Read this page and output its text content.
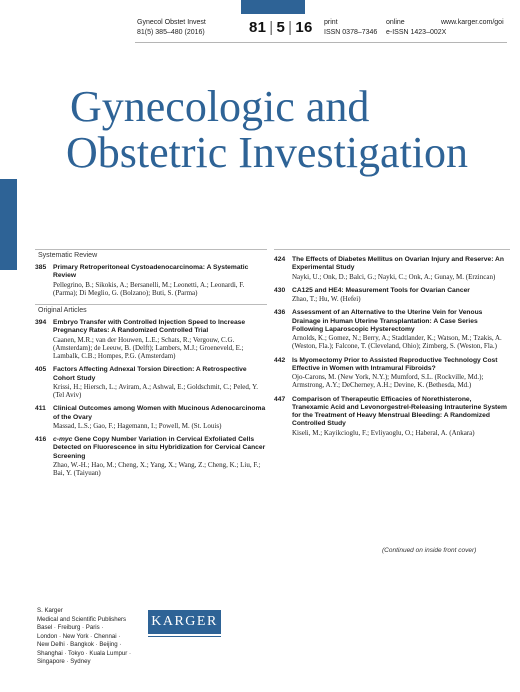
Gynecol Obstet Invest
81(5) 385–480 (2016)	81 | 5 | 16 print
ISSN 0378–7346
online
e-ISSN 1423–002X
www.karger.com/goi
Gynecologic and
Obstetric Investigation
Systematic Review
385 Primary Retroperitoneal Cystoadenocarcinoma: A Systematic Review
Pellegrino, B.; Sikokis, A.; Bersanelli, M.; Leonetti, A.; Leonardi, F. (Parma); Di Meglio, G. (Bolzano); Buti, S. (Parma)
Original Articles
394 Embryo Transfer with Controlled Injection Speed to Increase Pregnancy Rates: A Randomized Controlled Trial
Caanen, M.R.; van der Houwen, L.E.; Schats, R.; Vergouw, C.G. (Amsterdam); de Leeuw, B. (Delft); Lambers, M.J.; Groeneveld, E.; Lambalk, C.B.; Hompes, P.G. (Amsterdam)
405 Factors Affecting Adnexal Torsion Direction: A Retrospective Cohort Study
Krissi, H.; Hiersch, L.; Aviram, A.; Ashwal, E.; Goldschmit, C.; Peled, Y. (Tel Aviv)
411 Clinical Outcomes among Women with Mucinous Adenocarcinoma of the Ovary
Massad, L.S.; Gao, F.; Hagemann, I.; Powell, M. (St. Louis)
416 c-myc Gene Copy Number Variation in Cervical Exfoliated Cells Detected on Fluorescence in situ Hybridization for Cervical Cancer Screening
Zhao, W.-H.; Hao, M.; Cheng, X.; Yang, X.; Wang, Z.; Cheng, K.; Liu, F.; Bai, Y. (Taiyuan)

424 The Effects of Diabetes Mellitus on Ovarian Injury and Reserve: An Experimental Study
Nayki, U.; Onk, D.; Balci, G.; Nayki, C.; Onk, A.; Gunay, M. (Erzincan)
430 CA125 and HE4: Measurement Tools for Ovarian Cancer
Zhao, T.; Hu, W. (Hefei)
436 Assessment of an Alternative to the Uterine Vein for Venous Drainage in Human Uterine Transplantation: A Case Series Following Laparoscopic Hysterectomy
Arnolds, K.; Gomez, N.; Berry, A.; Stadtlander, K.; Watson, M.; Tzakis, A. (Weston, Fla.); Falcone, T. (Cleveland, Ohio); Zimberg, S. (Weston, Fla.)
442 Is Myomectomy Prior to Assisted Reproductive Technology Cost Effective in Women with Intramural Fibroids?
Ojo-Carons, M. (New York, N.Y.); Mumford, S.L. (Rockville, Md.); Armstrong, A.Y.; DeCherney, A.H.; Devine, K. (Bethesda, Md.)
447 Comparison of Therapeutic Efficacies of Norethisterone, Tranexamic Acid and Levonorgestrel-Releasing Intrauterine System for the Treatment of Heavy Menstrual Bleeding: A Randomized Controlled Study
Kiseli, M.; Kayikcioglu, F.; Evliyaoglu, O.; Haberal, A. (Ankara)
(Continued on inside front cover)
S. Karger
Medical and Scientific Publishers
Basel · Freiburg · Paris ·
London · New York · Chennai ·
New Delhi · Bangkok · Beijing ·
Shanghai · Tokyo · Kuala Lumpur ·
Singapore · Sydney
KARGER
